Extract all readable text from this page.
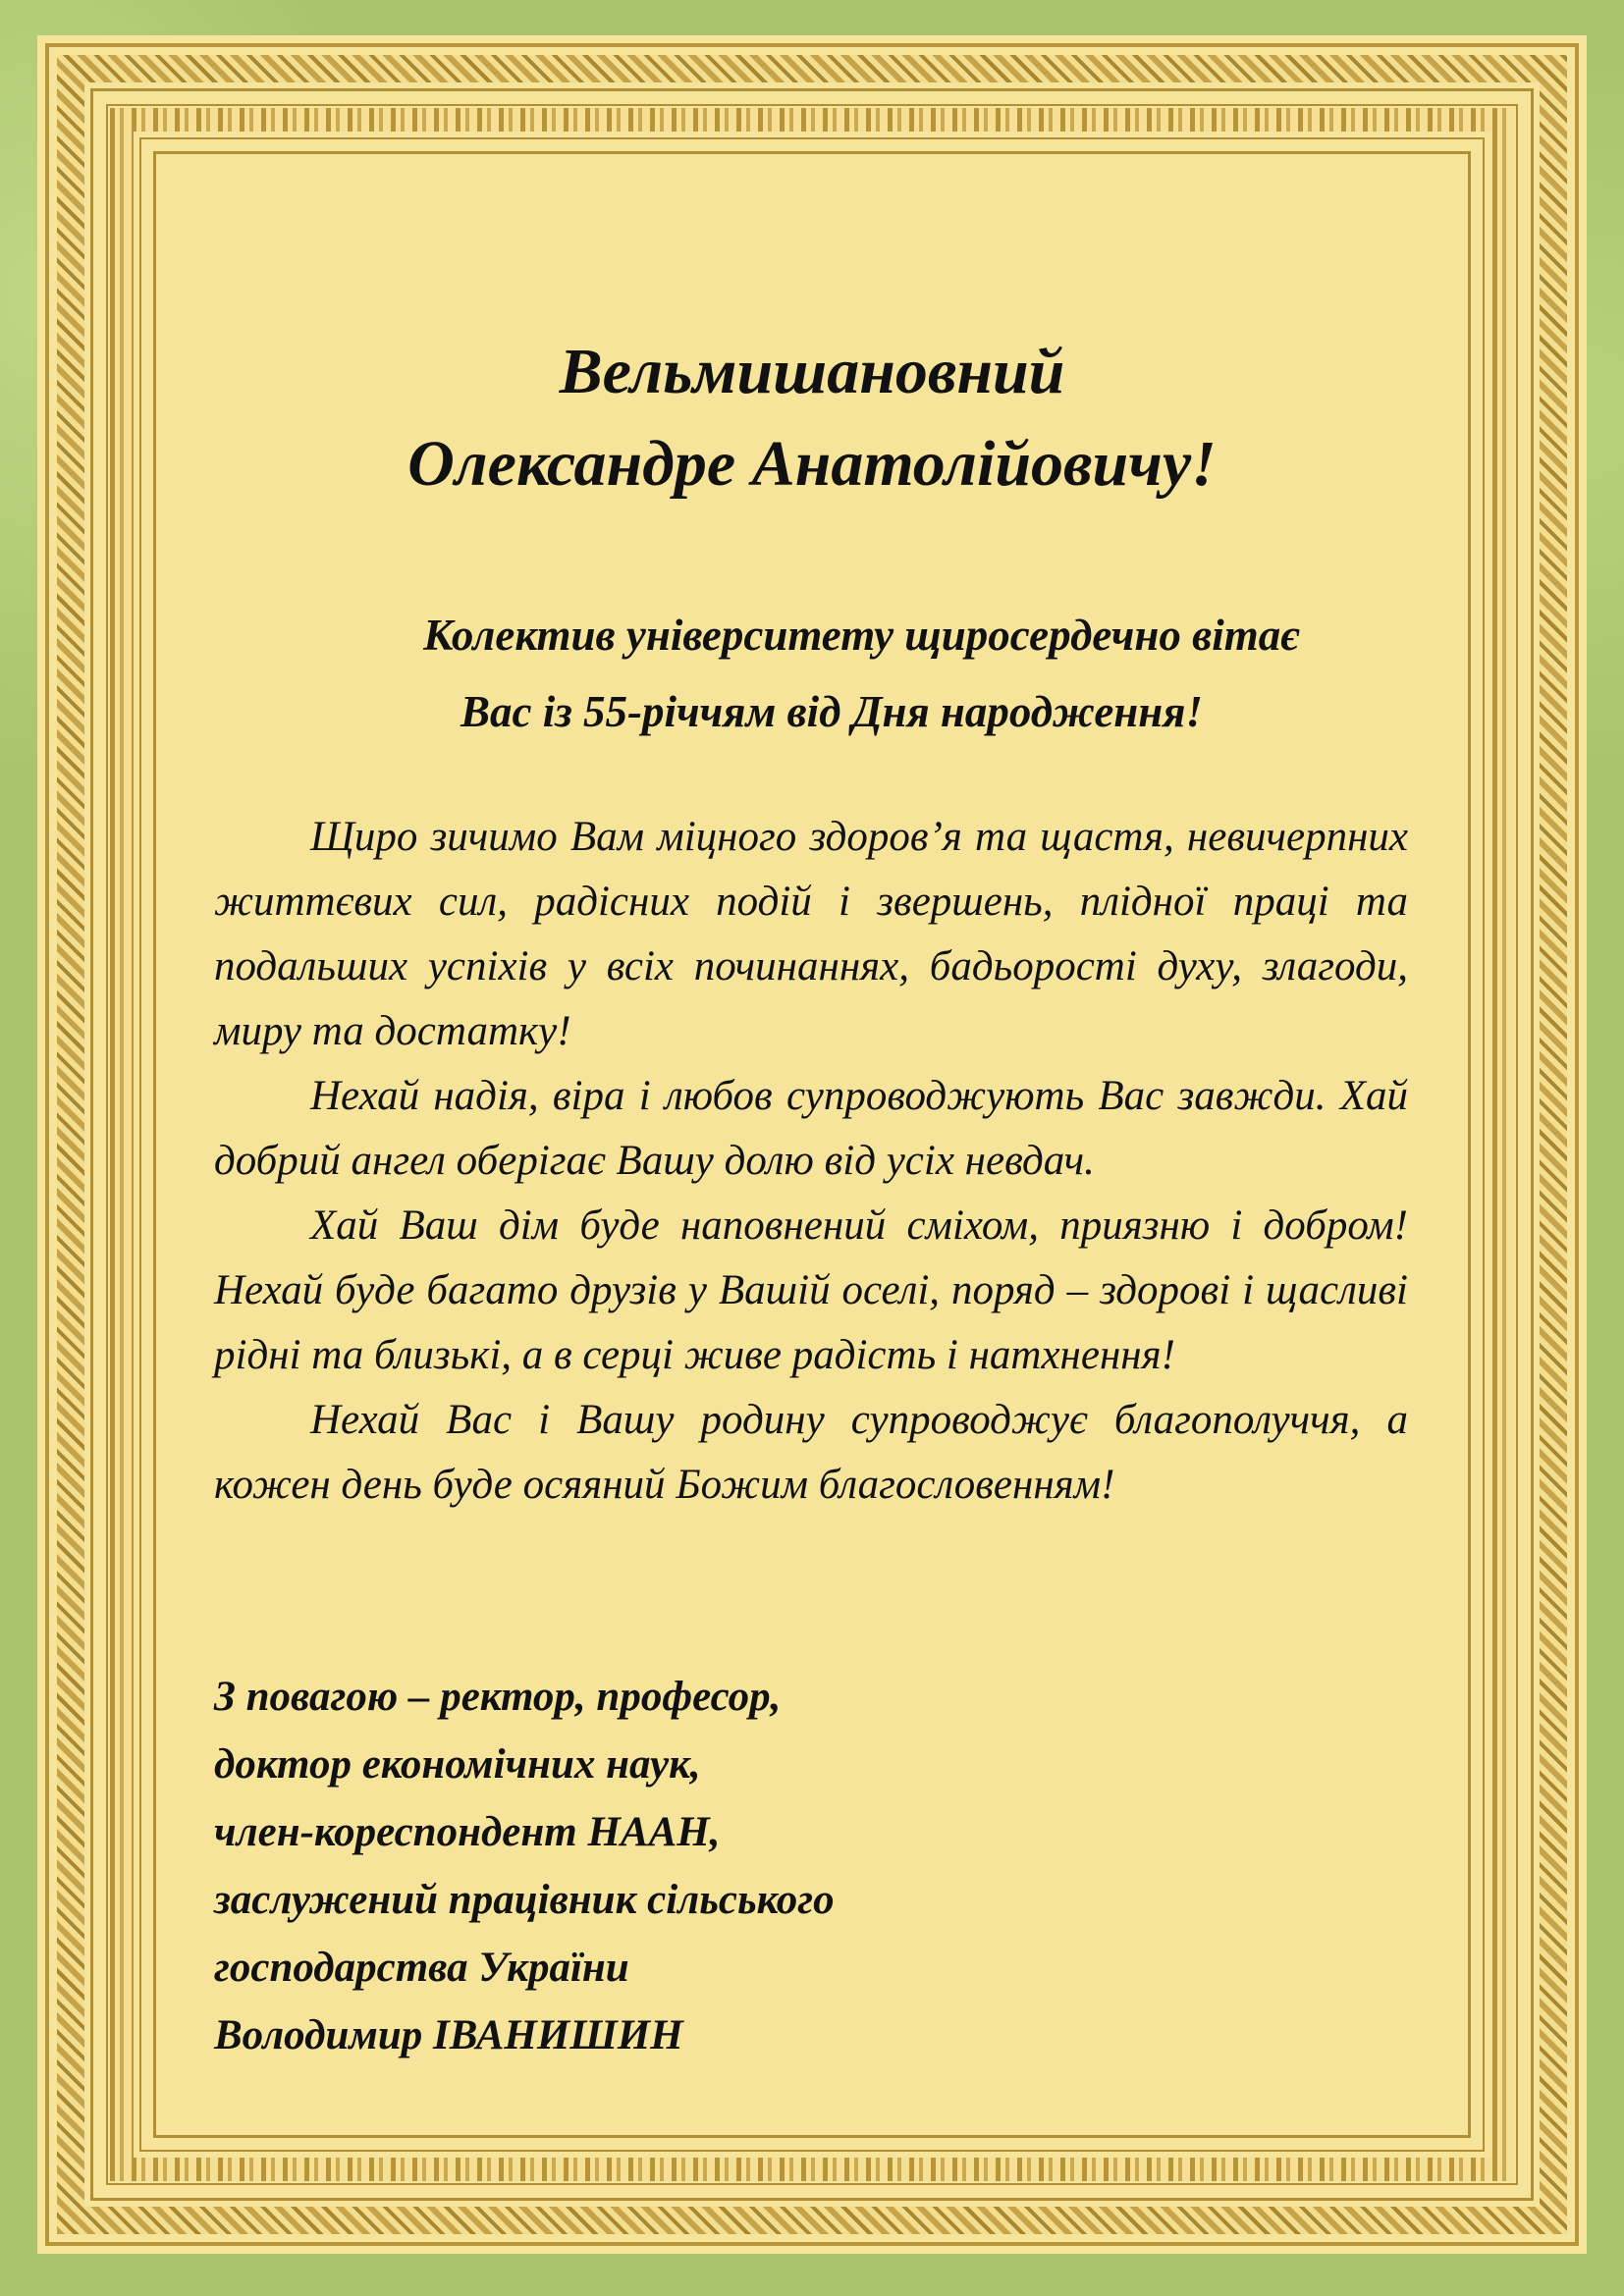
Вельмишановний
Олександре Анатолійовичу!
Колектив університету щиросердечно вітає
Вас із 55-річчям від Дня народження!

Щиро зичимо Вам міцного здоров’я та щастя, невичерпних життєвих сил, радісних подій і звершень, плідної праці та подальших успіхів у всіх починаннях, бадьорості духу, злагоди, миру та достатку!

Нехай надія, віра і любов супроводжують Вас завжди. Хай добрий ангел оберігає Вашу долю від усіх невдач.

Хай Ваш дім буде наповнений сміхом, приязню і добром! Нехай буде багато друзів у Вашій оселі, поряд – здорові і щасливі рідні та близькі, а в серці живе радість і натхнення!

Нехай Вас і Вашу родину супроводжує благополуччя, а кожен день буде осяяний Божим благословенням!

З повагою – ректор, професор,
доктор економічних наук,
член-кореспондент НААН,
заслужений працівник сільського
господарства України
Володимир ІВАНИШИН
